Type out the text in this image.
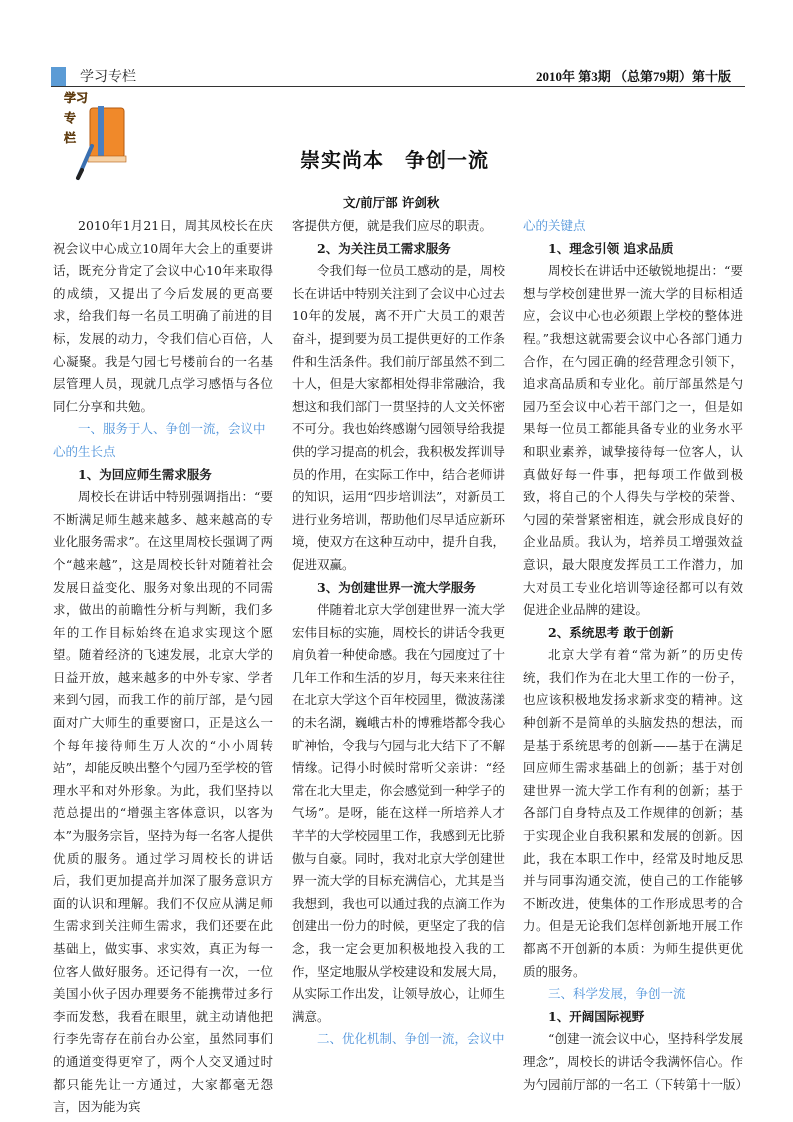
学习专栏	2010年 第3期 （总第79期）第十版
学习
专
栏
崇实尚本　争创一流
文/前厅部 许剑秋

2010年1月21日，周其凤校长在庆祝会议中心成立10周年大会上的重要讲话，既充分肯定了会议中心10年来取得的成绩，又提出了今后发展的更高要求，给我们每一名员工明确了前进的目标，发展的动力，令我们信心百倍，人心凝聚。我是勺园七号楼前台的一名基层管理人员，现就几点学习感悟与各位同仁分享和共勉。

一、服务于人、争创一流，会议中心的生长点
1、为回应师生需求服务

周校长在讲话中特别强调指出：“要不断满足师生越来越多、越来越高的专业化服务需求”。在这里周校长强调了两个“越来越”，这是周校长针对随着社会发展日益变化、服务对象出现的不同需求，做出的前瞻性分析与判断，我们多年的工作目标始终在追求实现这个愿望。随着经济的飞速发展，北京大学的日益开放，越来越多的中外专家、学者来到勺园，而我工作的前厅部，是勺园面对广大师生的重要窗口，正是这么一个每年接待师生万人次的“小小周转站”，却能反映出整个勺园乃至学校的管理水平和对外形象。为此，我们坚持以范总提出的“增强主客体意识，以客为本”为服务宗旨，坚持为每一名客人提供优质的服务。通过学习周校长的讲话后，我们更加提高并加深了服务意识方面的认识和理解。我们不仅应从满足师生需求到关注师生需求，我们还要在此基础上，做实事、求实效，真正为每一位客人做好服务。还记得有一次，一位美国小伙子因办理要务不能携带过多行李而发愁，我看在眼里，就主动请他把行李先寄存在前台办公室，虽然同事们的通道变得更窄了，两个人交叉通过时都只能先让一方通过，大家都毫无怨言，因为能为宾

客提供方便，就是我们应尽的职责。

2、为关注员工需求服务

令我们每一位员工感动的是，周校长在讲话中特别关注到了会议中心过去10年的发展，离不开广大员工的艰苦奋斗，提到要为员工提供更好的工作条件和生活条件。我们前厅部虽然不到二十人，但是大家都相处得非常融洽，我想这和我们部门一贯坚持的人文关怀密不可分。我也始终感谢勺园领导给我提供的学习提高的机会，我积极发挥训导员的作用，在实际工作中，结合老师讲的知识，运用“四步培训法”，对新员工进行业务培训，帮助他们尽早适应新环境，使双方在这种互动中，提升自我，促进双赢。

3、为创建世界一流大学服务

伴随着北京大学创建世界一流大学宏伟目标的实施，周校长的讲话令我更肩负着一种使命感。我在勺园度过了十几年工作和生活的岁月，每天来来往往在北京大学这个百年校园里，微波荡漾的未名湖，巍峨古朴的博雅塔都令我心旷神怡，令我与勺园与北大结下了不解情缘。记得小时候时常听父亲讲：“经常在北大里走，你会感觉到一种学子的气场”。是呀，能在这样一所培养人才芊芊的大学校园里工作，我感到无比骄傲与自豪。同时，我对北京大学创建世界一流大学的目标充满信心，尤其是当我想到，我也可以通过我的点滴工作为创建出一份力的时候，更坚定了我的信念，我一定会更加积极地投入我的工作，坚定地服从学校建设和发展大局，从实际工作出发，让领导放心，让师生满意。

二、优化机制、争创一流，会议中
心的关键点
1、理念引领 追求品质

周校长在讲话中还敏锐地提出：“要想与学校创建世界一流大学的目标相适应，会议中心也必须跟上学校的整体进程。”我想这就需要会议中心各部门通力合作，在勺园正确的经营理念引领下，追求高品质和专业化。前厅部虽然是勺园乃至会议中心若干部门之一，但是如果每一位员工都能具备专业的业务水平和职业素养，诚挚接待每一位客人，认真做好每一件事，把每项工作做到极致，将自己的个人得失与学校的荣誉、勺园的荣誉紧密相连，就会形成良好的企业品质。我认为，培养员工增强效益意识，最大限度发挥员工工作潜力，加大对员工专业化培训等途径都可以有效促进企业品牌的建设。

2、系统思考 敢于创新

北京大学有着“常为新”的历史传统，我们作为在北大里工作的一份子，也应该积极地发扬求新求变的精神。这种创新不是简单的头脑发热的想法，而是基于系统思考的创新——基于在满足回应师生需求基础上的创新；基于对创建世界一流大学工作有利的创新；基于各部门自身特点及工作规律的创新；基于实现企业自我积累和发展的创新。因此，我在本职工作中，经常及时地反思并与同事沟通交流，使自己的工作能够不断改进，使集体的工作形成思考的合力。但是无论我们怎样创新地开展工作都离不开创新的本质：为师生提供更优质的服务。

三、科学发展，争创一流
1、开阔国际视野

“创建一流会议中心，坚持科学发展理念”，周校长的讲话令我满怀信心。作为勺园前厅部的一名工（下转第十一版）
